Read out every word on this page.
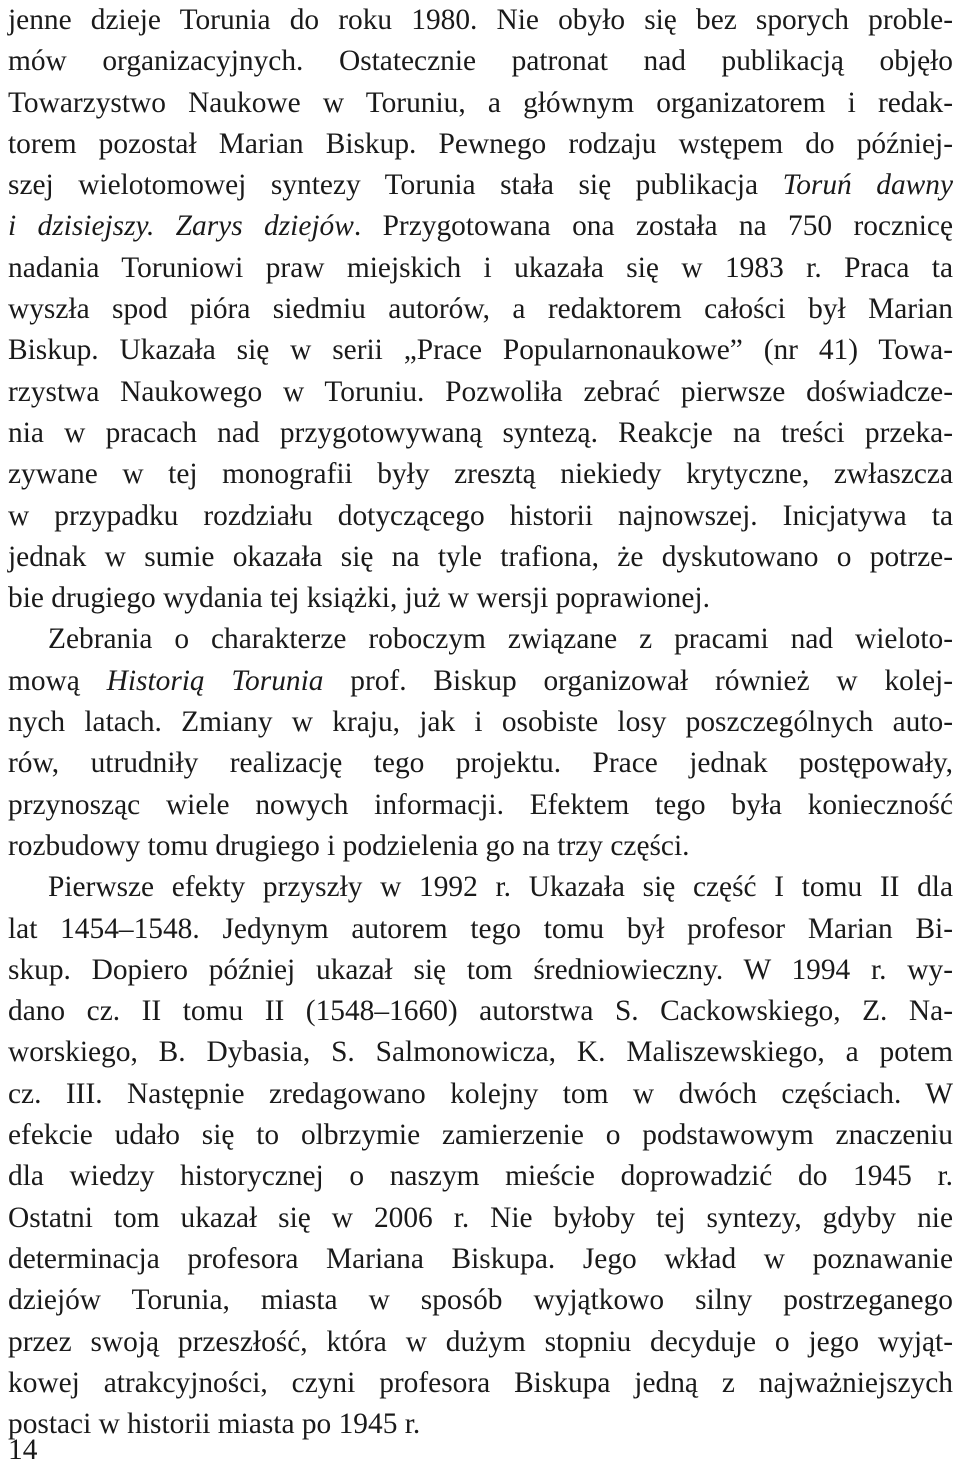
jenne dzieje Torunia do roku 1980. Nie obyło się bez sporych proble-
mów organizacyjnych. Ostatecznie patronat nad publikacją objęło
Towarzystwo Naukowe w Toruniu, a głównym organizatorem i redak-
torem pozostał Marian Biskup. Pewnego rodzaju wstępem do później-
szej wielotomowej syntezy Torunia stała się publikacja Toruń dawny
i dzisiejszy. Zarys dziejów. Przygotowana ona została na 750 rocznicę
nadania Toruniowi praw miejskich i ukazała się w 1983 r. Praca ta
wyszła spod pióra siedmiu autorów, a redaktorem całości był Marian
Biskup. Ukazała się w serii „Prace Popularnonaukowe” (nr 41) Towa-
rzystwa Naukowego w Toruniu. Pozwoliła zebrać pierwsze doświadcze-
nia w pracach nad przygotowywaną syntezą. Reakcje na treści przeka-
zywane w tej monografii były zresztą niekiedy krytyczne, zwłaszcza
w przypadku rozdziału dotyczącego historii najnowszej. Inicjatywa ta
jednak w sumie okazała się na tyle trafiona, że dyskutowano o potrze-
bie drugiego wydania tej książki, już w wersji poprawionej.
Zebrania o charakterze roboczym związane z pracami nad wieloto-
mową Historią Torunia prof. Biskup organizował również w kolej-
nych latach. Zmiany w kraju, jak i osobiste losy poszczególnych auto-
rów, utrudniły realizację tego projektu. Prace jednak postępowały,
przynosząc wiele nowych informacji. Efektem tego była konieczność
rozbudowy tomu drugiego i podzielenia go na trzy części.
Pierwsze efekty przyszły w 1992 r. Ukazała się część I tomu II dla
lat 1454–1548. Jedynym autorem tego tomu był profesor Marian Bi-
skup. Dopiero później ukazał się tom średniowieczny. W 1994 r. wy-
dano cz. II tomu II (1548–1660) autorstwa S. Cackowskiego, Z. Na-
worskiego, B. Dybasia, S. Salmonowicza, K. Maliszewskiego, a potem
cz. III. Następnie zredagowano kolejny tom w dwóch częściach. W
efekcie udało się to olbrzymie zamierzenie o podstawowym znaczeniu
dla wiedzy historycznej o naszym mieście doprowadzić do 1945 r.
Ostatni tom ukazał się w 2006 r. Nie byłoby tej syntezy, gdyby nie
determinacja profesora Mariana Biskupa. Jego wkład w poznawanie
dziejów Torunia, miasta w sposób wyjątkowo silny postrzeganego
przez swoją przeszłość, która w dużym stopniu decyduje o jego wyjąt-
kowej atrakcyjności, czyni profesora Biskupa jedną z najważniejszych
postaci w historii miasta po 1945 r.
14
